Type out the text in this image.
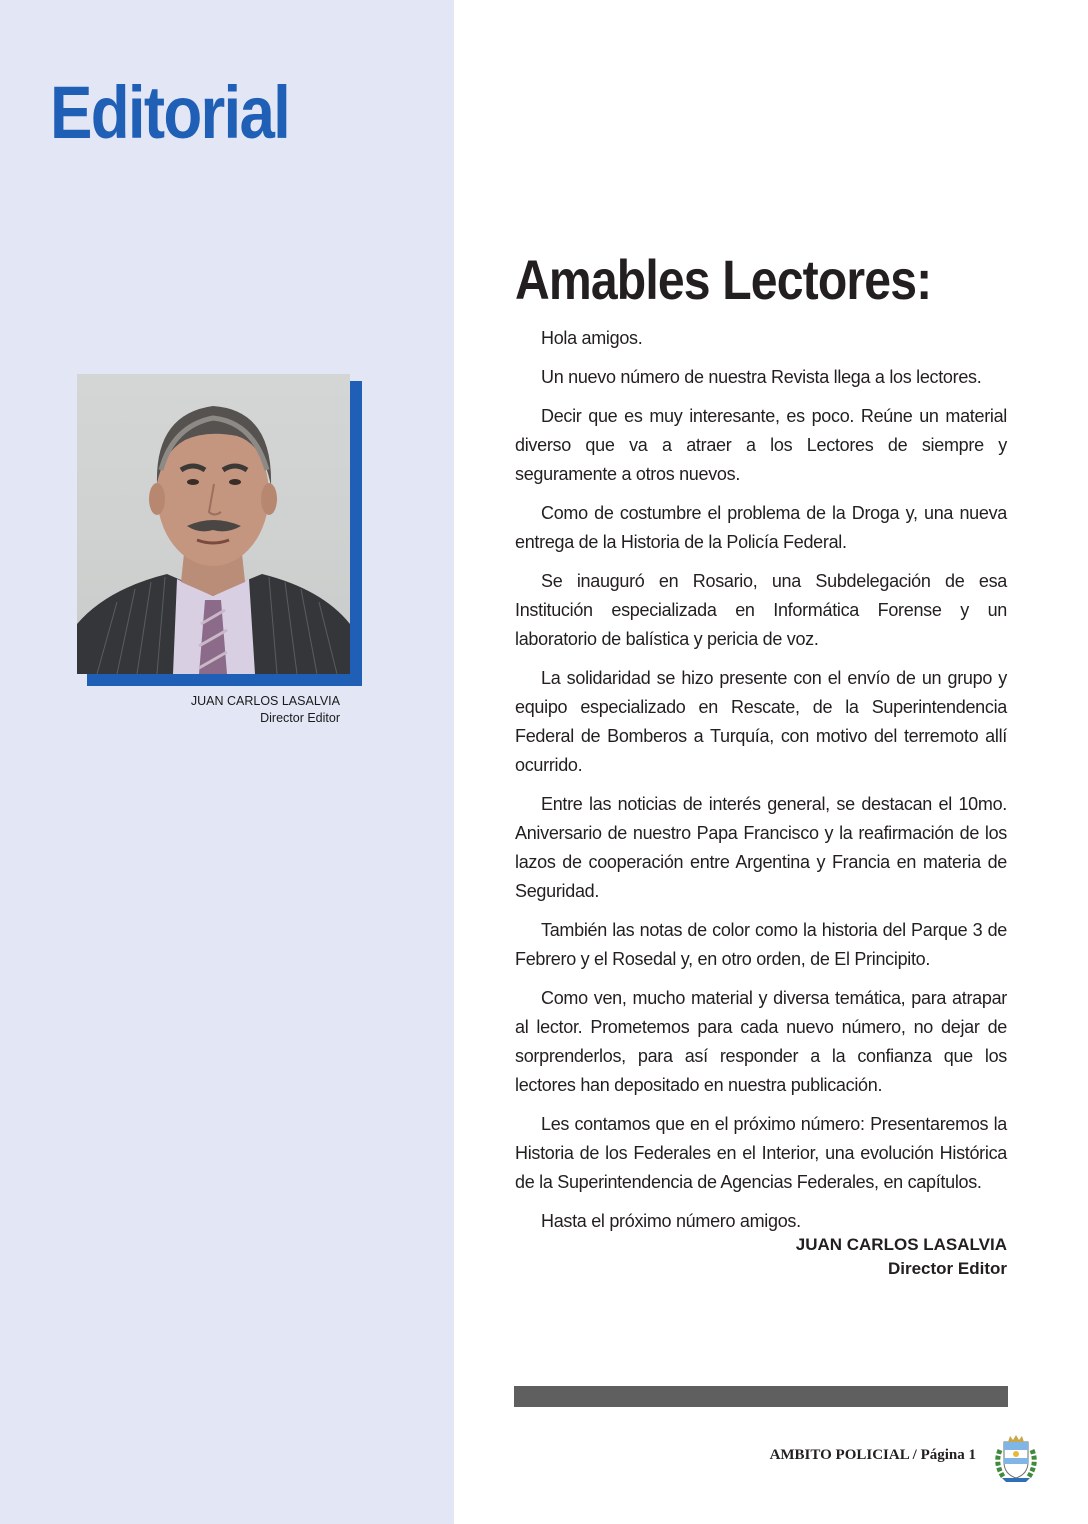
Editorial
JUAN CARLOS LASALVIA
Director Editor
Amables Lectores:

Hola amigos.

Un nuevo número de nuestra Revista llega a los lectores.

Decir que es muy interesante, es poco. Reúne un material diverso que va a atraer a los Lectores de siempre y seguramente a otros nuevos.

Como de costumbre el problema de la Droga y, una nueva entrega de la Historia de la Policía Federal.

Se inauguró en Rosario, una Subdelegación de esa Institución especializada en Informática Forense y un laboratorio de balística y pericia de voz.

La solidaridad se hizo presente con el envío de un grupo y equipo especializado en Rescate, de la Superintendencia Federal de Bomberos a Turquía, con motivo del terremoto allí ocurrido.

Entre las noticias de interés general, se destacan el 10mo. Aniversario de nuestro Papa Francisco y la reafirmación de los lazos de cooperación entre Argentina y Francia en materia de Seguridad.

También las notas de color como la historia del Parque 3 de Febrero y el Rosedal y, en otro orden, de El Principito.

Como ven, mucho material y diversa temática, para atrapar al lector. Prometemos para cada nuevo número, no dejar de sorprenderlos, para así responder a la confianza que los lectores han depositado en nuestra publicación.

Les contamos que en el próximo número: Presentaremos la Historia de los Federales en el Interior, una evolución Histórica de la Superintendencia de Agencias Federales, en capítulos.

Hasta el próximo número amigos.

JUAN CARLOS LASALVIA
Director Editor
AMBITO POLICIAL / Página 1
